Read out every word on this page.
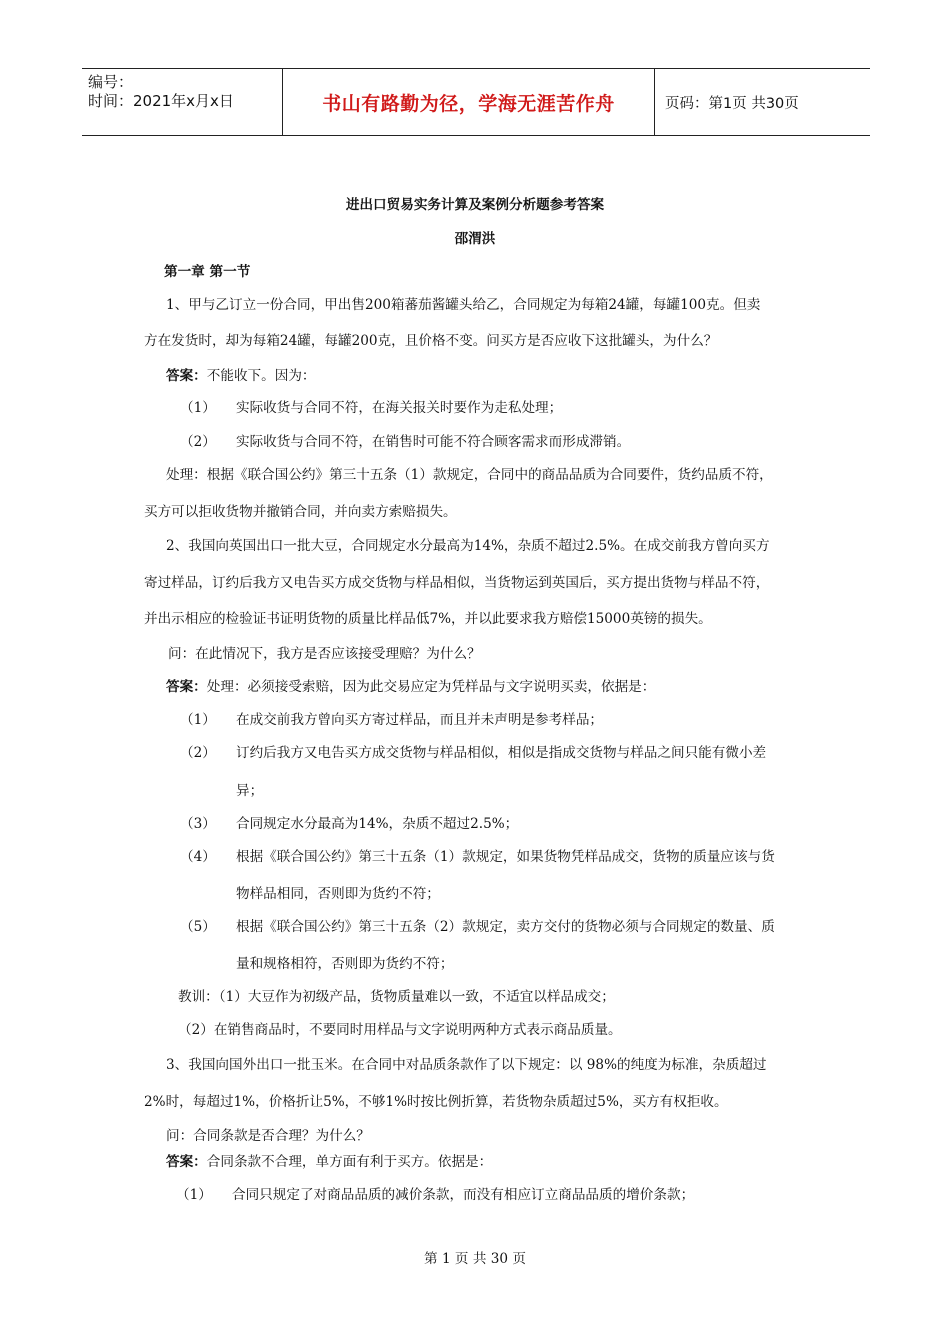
编号：
时间：2021年x月x日	书山有路勤为径，学海无涯苦作舟	页码：第1页 共30页
进出口贸易实务计算及案例分析题参考答案
邵渭洪
第一章 第一节
1、甲与乙订立一份合同，甲出售200箱蕃茄酱罐头给乙，合同规定为每箱24罐，每罐100克。但卖
方在发货时，却为每箱24罐，每罐200克，且价格不变。问买方是否应收下这批罐头，为什么？
答案：不能收下。因为：
（1） 实际收货与合同不符，在海关报关时要作为走私处理；
（2） 实际收货与合同不符，在销售时可能不符合顾客需求而形成滞销。
处理：根据《联合国公约》第三十五条（1）款规定，合同中的商品品质为合同要件，货约品质不符，
买方可以拒收货物并撤销合同，并向卖方索赔损失。
2、我国向英国出口一批大豆，合同规定水分最高为14%，杂质不超过2.5%。在成交前我方曾向买方
寄过样品，订约后我方又电告买方成交货物与样品相似，当货物运到英国后，买方提出货物与样品不符，
并出示相应的检验证书证明货物的质量比样品低7%，并以此要求我方赔偿15000英镑的损失。
问：在此情况下，我方是否应该接受理赔？为什么？
答案：处理：必须接受索赔，因为此交易应定为凭样品与文字说明买卖，依据是：
（1） 在成交前我方曾向买方寄过样品，而且并未声明是参考样品；
（2） 订约后我方又电告买方成交货物与样品相似，相似是指成交货物与样品之间只能有微小差
异；
（3） 合同规定水分最高为14%，杂质不超过2.5%；
（4） 根据《联合国公约》第三十五条（1）款规定，如果货物凭样品成交，货物的质量应该与货
物样品相同，否则即为货约不符；
（5） 根据《联合国公约》第三十五条（2）款规定，卖方交付的货物必须与合同规定的数量、质
量和规格相符，否则即为货约不符；
教训：（1）大豆作为初级产品，货物质量难以一致，不适宜以样品成交；
（2）在销售商品时，不要同时用样品与文字说明两种方式表示商品质量。
3、我国向国外出口一批玉米。在合同中对品质条款作了以下规定：以 98%的纯度为标准，杂质超过
2%时，每超过1%，价格折让5%，不够1%时按比例折算，若货物杂质超过5%，买方有权拒收。
问：合同条款是否合理？为什么？
答案：合同条款不合理，单方面有利于买方。依据是：
（1） 合同只规定了对商品品质的减价条款，而没有相应订立商品品质的增价条款；
第 1 页 共 30 页
